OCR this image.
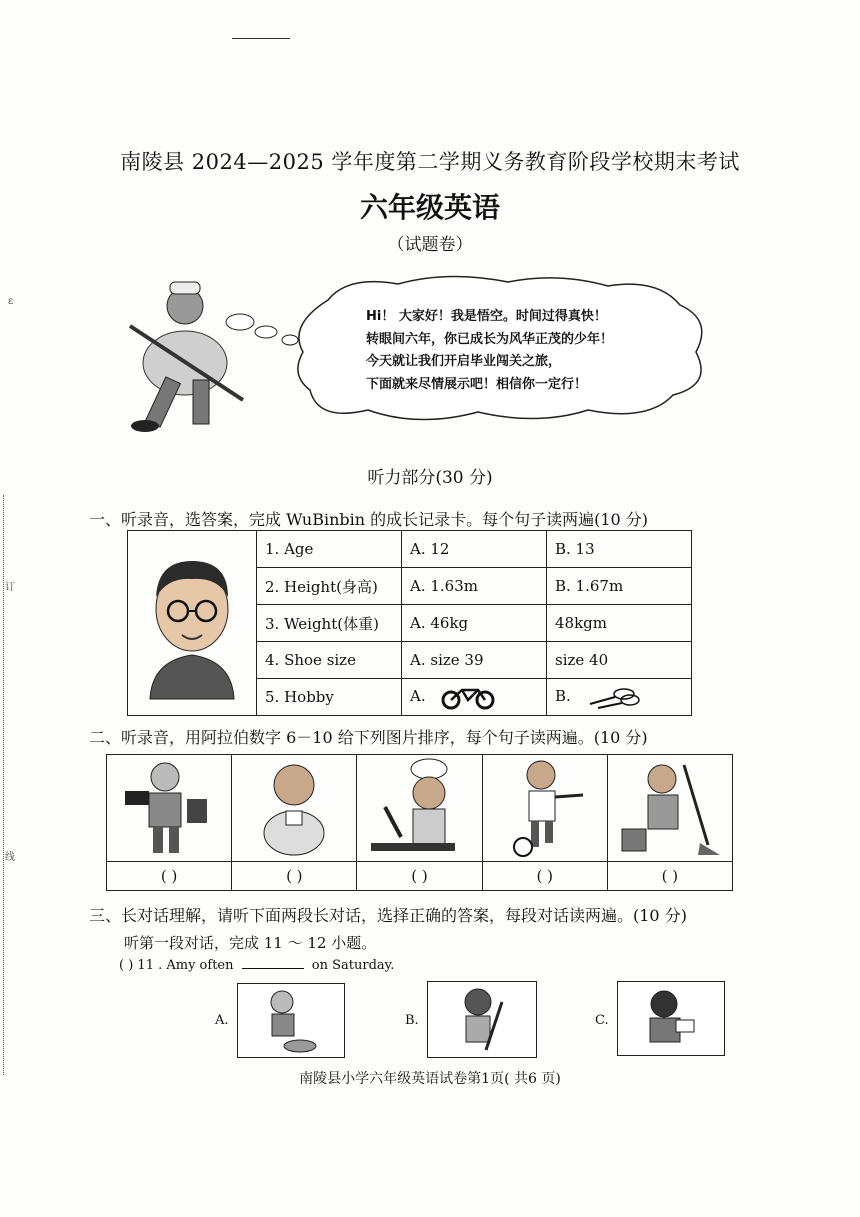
南陵县 2024—2025 学年度第二学期义务教育阶段学校期末考试
六年级英语
（试题卷）
ε
订
线
Hi！ 大家好！我是悟空。时间过得真快！
转眼间六年，你已成长为风华正茂的少年！
今天就让我们开启毕业闯关之旅，
下面就来尽情展示吧！相信你一定行！
听力部分(30 分)
一、听录音，选答案，完成 WuBinbin 的成长记录卡。每个句子读两遍(10 分)
	1. Age	A. 12	B. 13
	2. Height(身高)	A. 1.63m	B. 1.67m
	3. Weight(体重)	A. 46kg	48kgm
	4. Shoe size	A. size 39	size 40
	5. Hobby	A.	B.
二、听录音，用阿拉伯数字 6－10 给下列图片排序，每个句子读两遍。(10 分)
( )	( )	( )	( )	( )
三、长对话理解，请听下面两段长对话，选择正确的答案，每段对话读两遍。(10 分)
听第一段对话，完成 11 ～ 12 小题。
( ) 11 . Amy often	on Saturday.
A.	B.	C.
南陵县小学六年级英语试卷第1页( 共6 页)
